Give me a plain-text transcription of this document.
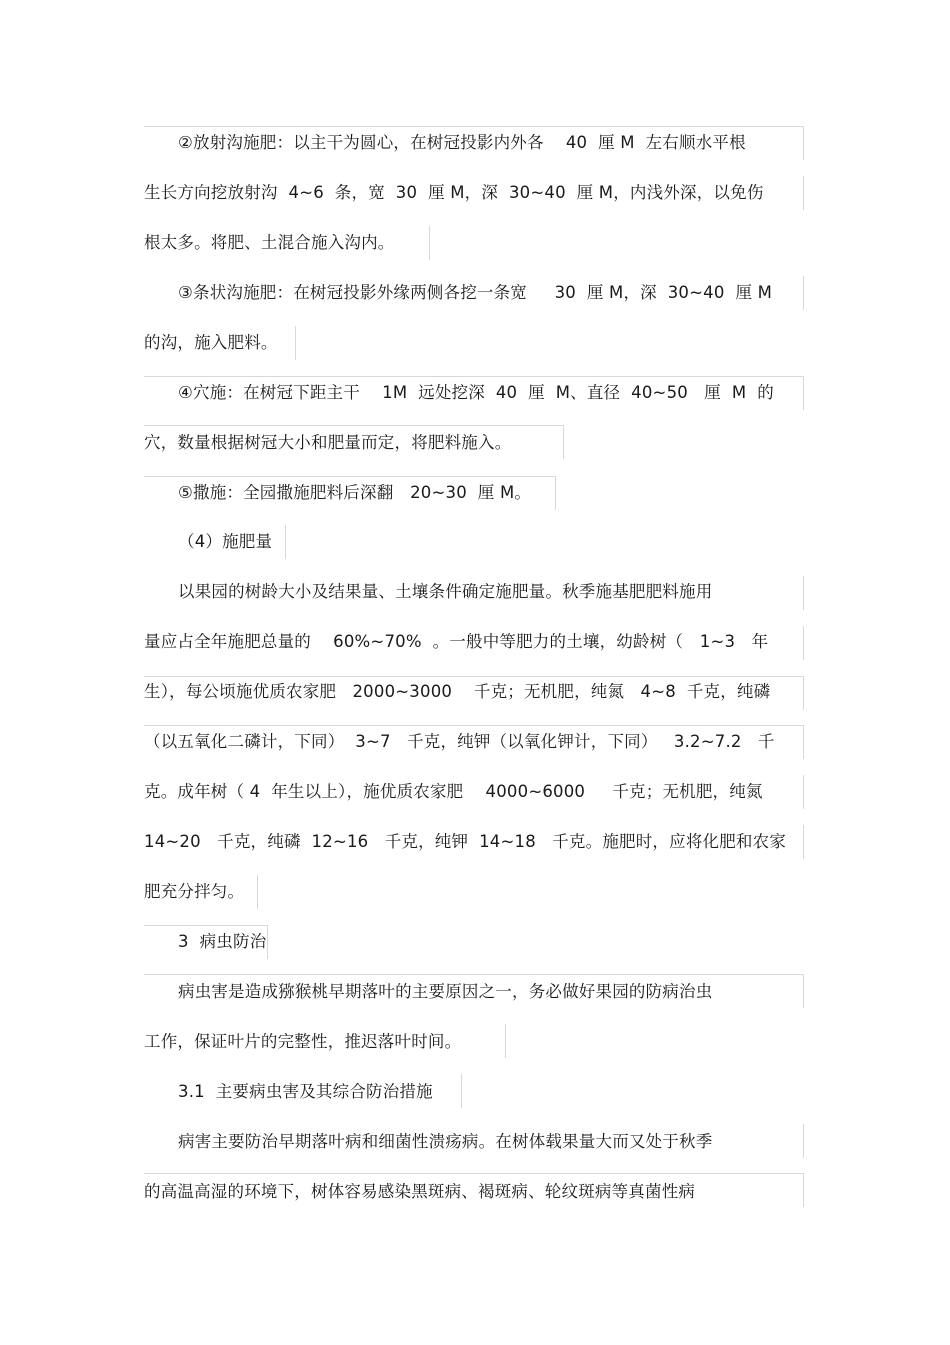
②放射沟施肥：以主干为圆心，在树冠投影内外各　 40  厘 M  左右顺水平根
生长方向挖放射沟  4~6  条，宽  30  厘 M，深  30~40  厘 M，内浅外深，以免伤
根太多。将肥、土混合施入沟内。
③条状沟施肥：在树冠投影外缘两侧各挖一条宽　  30  厘 M，深  30~40  厘 M
的沟，施入肥料。
④穴施：在树冠下距主干　 1M  远处挖深  40  厘  M、直径  40~50   厘  M  的
穴，数量根据树冠大小和肥量而定，将肥料施入。
⑤撒施：全园撒施肥料后深翻　20~30  厘 M。
（4）施肥量
以果园的树龄大小及结果量、土壤条件确定施肥量。秋季施基肥肥料施用
量应占全年施肥总量的　 60%~70%  。一般中等肥力的土壤，幼龄树（　1~3   年
生），每公顷施优质农家肥   2000~3000    千克；无机肥，纯氮   4~8  千克，纯磷
（以五氧化二磷计，下同）  3~7   千克，纯钾（以氧化钾计，下同）   3.2~7.2   千
克。成年树（ 4  年生以上），施优质农家肥　 4000~6000     千克；无机肥，纯氮
14~20   千克，纯磷  12~16   千克，纯钾  14~18   千克。施肥时，应将化肥和农家
肥充分拌匀。
3  病虫防治
病虫害是造成猕猴桃早期落叶的主要原因之一，务必做好果园的防病治虫
工作，保证叶片的完整性，推迟落叶时间。
3.1  主要病虫害及其综合防治措施
病害主要防治早期落叶病和细菌性溃疡病。在树体载果量大而又处于秋季
的高温高湿的环境下，树体容易感染黑斑病、褐斑病、轮纹斑病等真菌性病
